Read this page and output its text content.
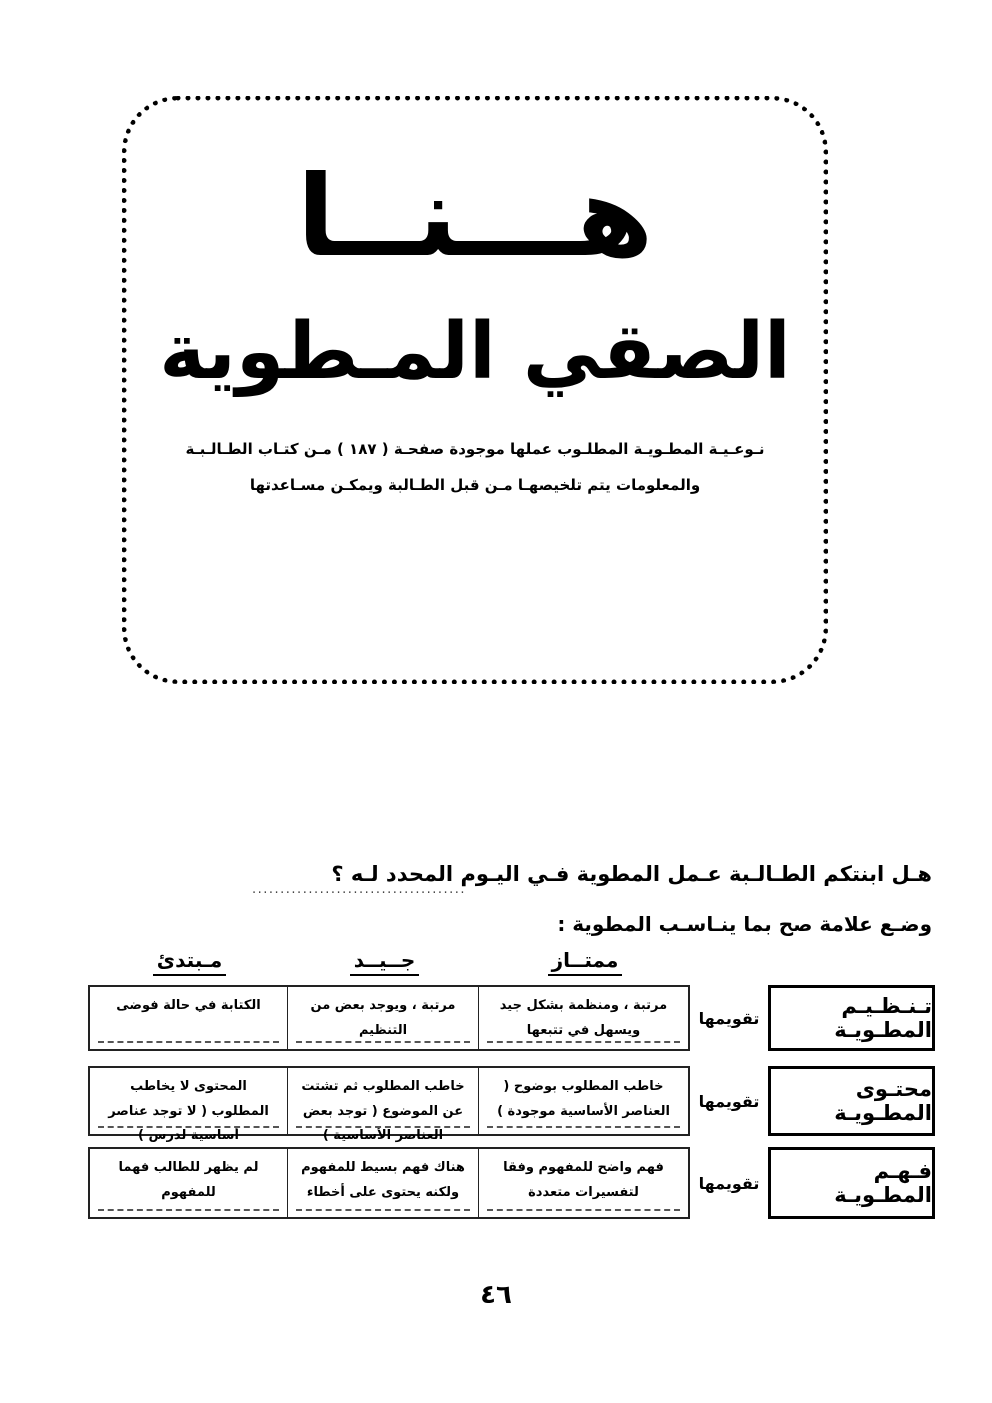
هـــنــا
الصقي المـطوية
نـوعـيـة المطـويـة المطلـوب عملها موجودة صفحـة ( ١٨٧ ) مـن كتـاب الطـالـبـة
والمعلومات يتم تلخيصهـا مـن قبل الطـالبة ويمكـن مسـاعدتها
هـل ابنتكم الطـالـبة عـمل المطوية فـي اليـوم المحدد لـه ؟
......................................
وضـع علامة صح بما ينـاسـب المطوية :
ممتــاز
جــيــد
مـبتدئ
تـنـظـيـم المطـويـة
تقويمها
مرتبة ، ومنظمة بشكل جيد ويسهل في تتبعها
مرتبة ، ويوجد بعض من التنظيم
الكتابة في حالة فوضى
محتـوى المطـويـة
تقويمها
خاطب المطلوب بوضوح ( العناصر الأساسية موجودة )
خاطب المطلوب ثم تشتت عن الموضوع ( توجد بعض العناصر الأساسية )
المحتوى لا يخاطب المطلوب ( لا توجد عناصر أساسية لدرس )
فـهـم المطـويـة
تقويمها
فهم واضح للمفهوم وفقا لتفسيرات متعددة
هناك فهم بسيط للمفهوم ولكنه يحتوى على أخطاء
لم يظهر للطالب فهما للمفهوم
٤٦
